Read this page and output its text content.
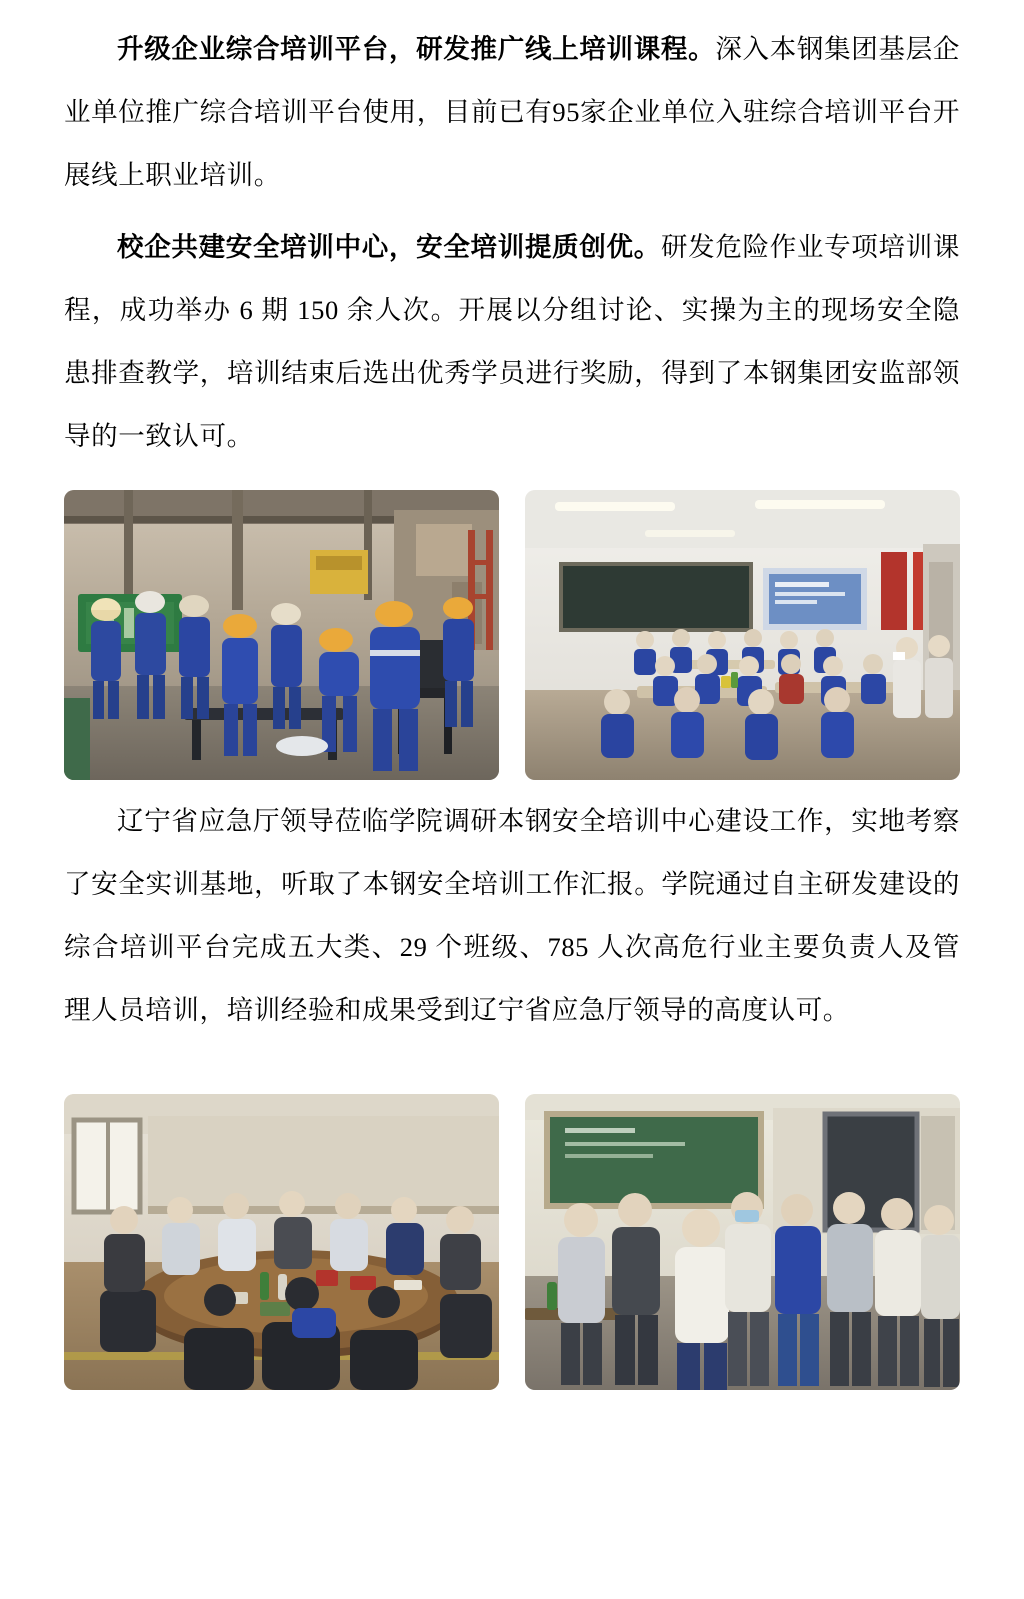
升级企业综合培训平台，研发推广线上培训课程。深入本钢集团基层企业单位推广综合培训平台使用，目前已有95家企业单位入驻综合培训平台开展线上职业培训。

校企共建安全培训中心，安全培训提质创优。研发危险作业专项培训课程，成功举办 6 期 150 余人次。开展以分组讨论、实操为主的现场安全隐患排查教学，培训结束后选出优秀学员进行奖励，得到了本钢集团安监部领导的一致认可。

辽宁省应急厅领导莅临学院调研本钢安全培训中心建设工作，实地考察了安全实训基地，听取了本钢安全培训工作汇报。学院通过自主研发建设的综合培训平台完成五大类、29 个班级、785 人次高危行业主要负责人及管理人员培训，培训经验和成果受到辽宁省应急厅领导的高度认可。
